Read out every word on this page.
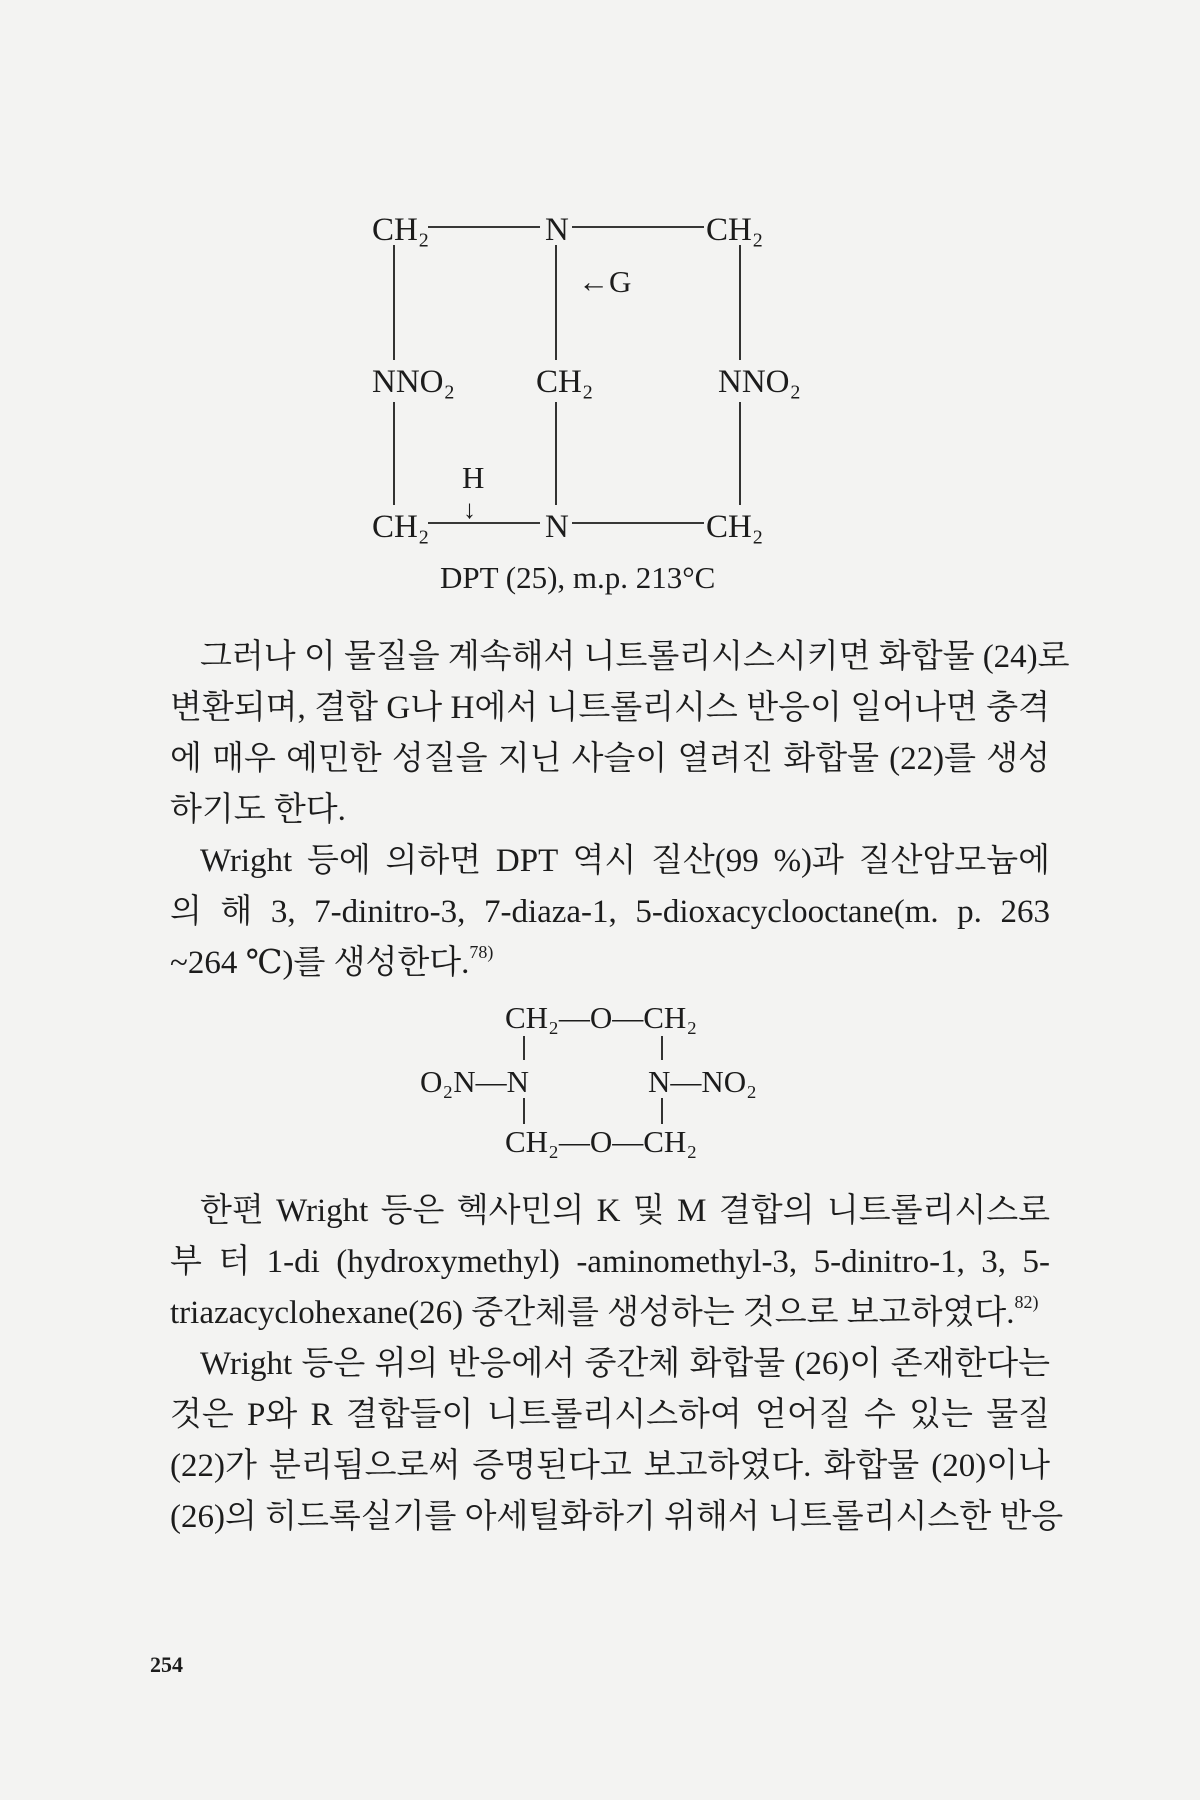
CH₂	N	CH₂
←G
NNO₂ CH₂	NNO₂
H
↓
CH₂	N	CH₂
DPT (25), m.p. 213°C
그러나 이 물질을 계속해서 니트롤리시스시키면 화합물 (24)로
변환되며, 결합 G나 H에서 니트롤리시스 반응이 일어나면 충격
에 매우 예민한 성질을 지닌 사슬이 열려진 화합물 (22)를 생성
하기도 한다.
Wright 등에 의하면 DPT 역시 질산(99 %)과 질산암모늄에
의 해 3, 7-dinitro-3, 7-diaza-1, 5-dioxacyclooctane(m. p. 263
~264 ℃)를 생성한다.$^{78)}$
CH₂—O—CH₂
O₂N—N	N—NO₂
CH₂—O—CH₂
한편 Wright 등은 헥사민의 K 및 M 결합의 니트롤리시스로
부 터 1-di (hydroxymethyl) -aminomethyl-3, 5-dinitro-1, 3, 5-
triazacyclohexane(26) 중간체를 생성하는 것으로 보고하였다.$^{82)}$
Wright 등은 위의 반응에서 중간체 화합물 (26)이 존재한다는
것은 P와 R 결합들이 니트롤리시스하여 얻어질 수 있는 물질
(22)가 분리됨으로써 증명된다고 보고하였다. 화합물 (20)이나
(26)의 히드록실기를 아세틸화하기 위해서 니트롤리시스한 반응
254
